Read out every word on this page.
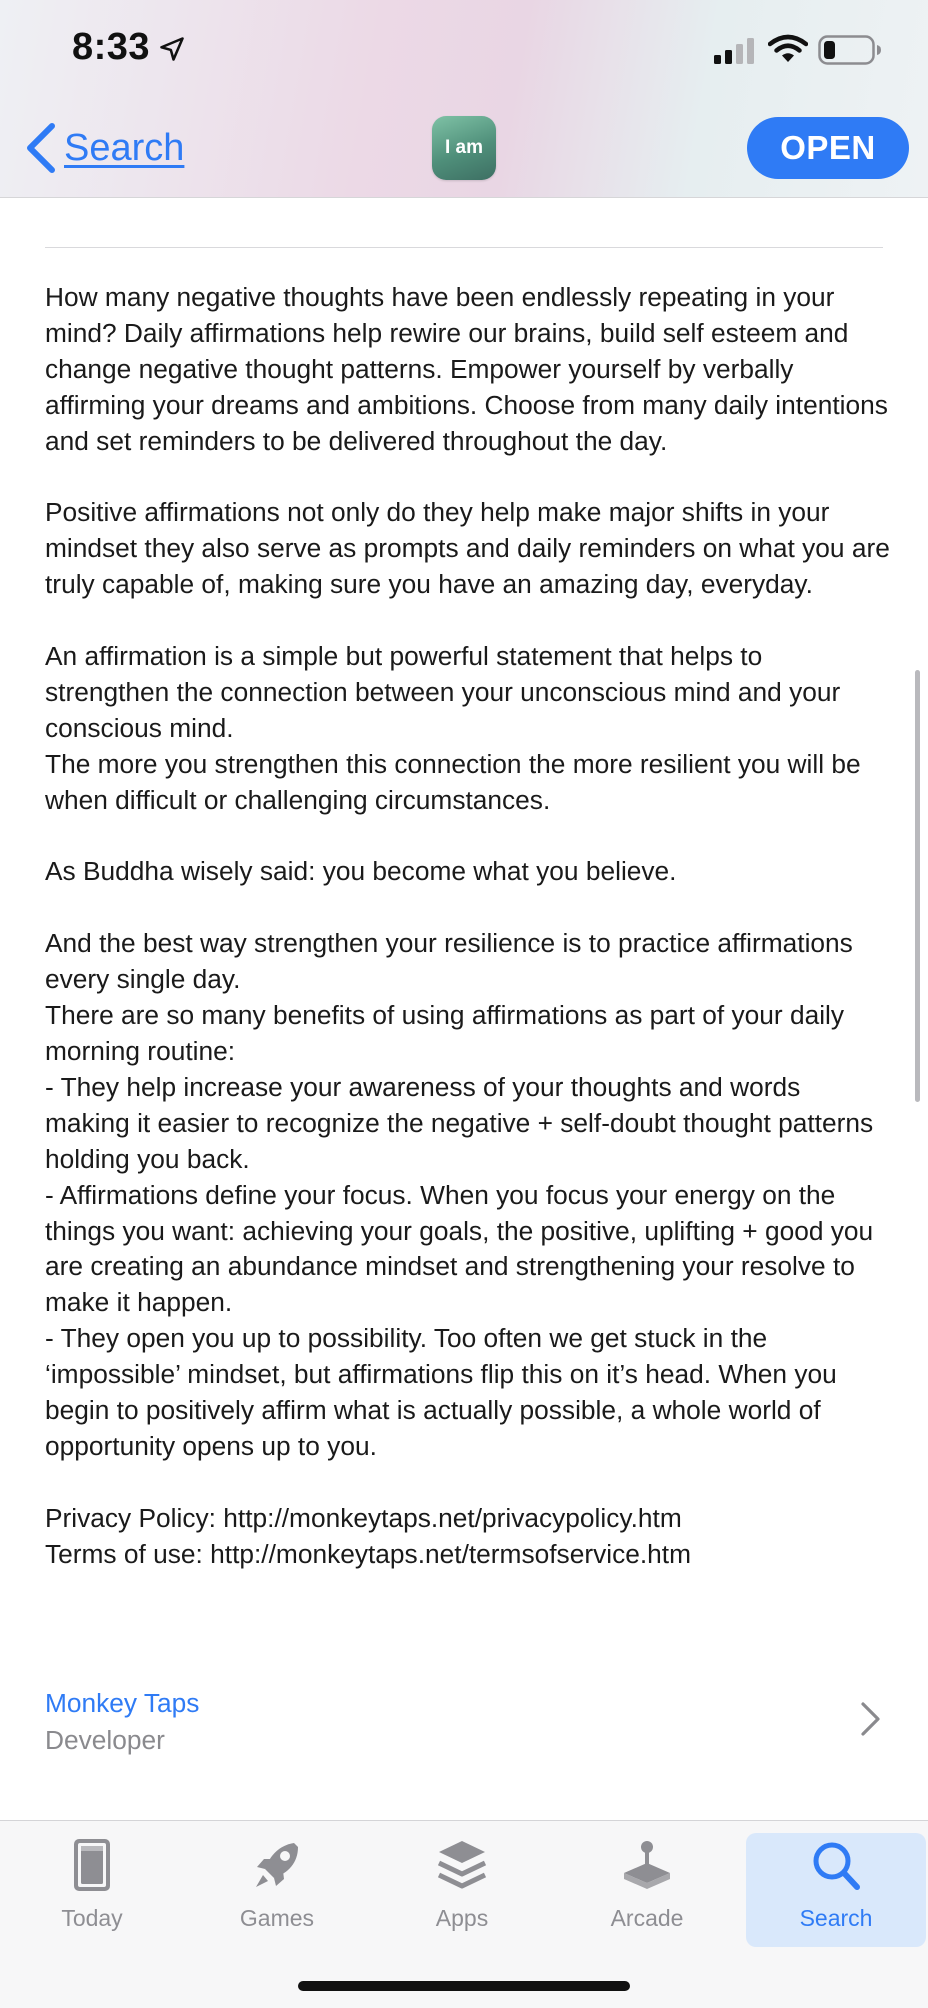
8:33
Search	I am	OPEN

How many negative thoughts have been endlessly repeating in your mind? Daily affirmations help rewire our brains, build self esteem and change negative thought patterns. Empower yourself by verbally affirming your dreams and ambitions. Choose from many daily intentions and set reminders to be delivered throughout the day.

Positive affirmations not only do they help make major shifts in your mindset they also serve as prompts and daily reminders on what you are truly capable of, making sure you have an amazing day, everyday.

An affirmation is a simple but powerful statement that helps to strengthen the connection between your unconscious mind and your conscious mind.
The more you strengthen this connection the more resilient you will be when difficult or challenging circumstances.

As Buddha wisely said: you become what you believe.

And the best way strengthen your resilience is to practice affirmations every single day.
There are so many benefits of using affirmations as part of your daily morning routine:
- They help increase your awareness of your thoughts and words making it easier to recognize the negative + self-doubt thought patterns holding you back.
- Affirmations define your focus. When you focus your energy on the things you want: achieving your goals, the positive, uplifting + good you are creating an abundance mindset and strengthening your resolve to make it happen.
- They open you up to possibility. Too often we get stuck in the ‘impossible’ mindset, but affirmations flip this on it’s head. When you begin to positively affirm what is actually possible, a whole world of opportunity opens up to you.

Privacy Policy: http://monkeytaps.net/privacypolicy.htm
Terms of use: http://monkeytaps.net/termsofservice.htm

Monkey Taps
Developer
Today	Games	Apps	Arcade	Search
